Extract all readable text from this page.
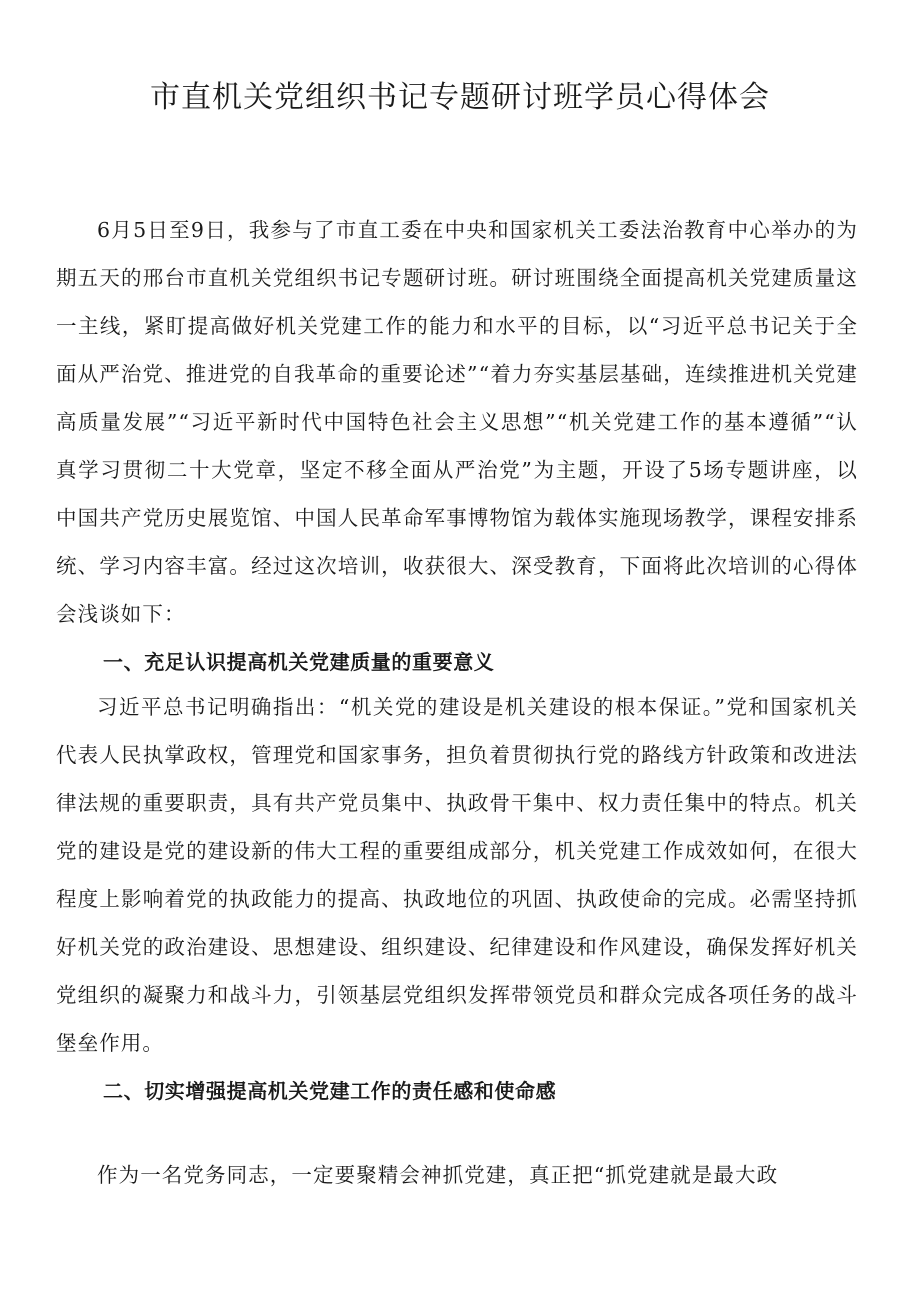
市直机关党组织书记专题研讨班学员心得体会

6月5日至9日，我参与了市直工委在中央和国家机关工委法治教育中心举办的为期五天的邢台市直机关党组织书记专题研讨班。研讨班围绕全面提高机关党建质量这一主线，紧盯提高做好机关党建工作的能力和水平的目标，以“习近平总书记关于全面从严治党、推进党的自我革命的重要论述”“着力夯实基层基础，连续推进机关党建高质量发展”“习近平新时代中国特色社会主义思想”“机关党建工作的基本遵循”“认真学习贯彻二十大党章，坚定不移全面从严治党”为主题，开设了5场专题讲座，以中国共产党历史展览馆、中国人民革命军事博物馆为载体实施现场教学，课程安排系统、学习内容丰富。经过这次培训，收获很大、深受教育，下面将此次培训的心得体会浅谈如下：

一、充足认识提高机关党建质量的重要意义

习近平总书记明确指出：“机关党的建设是机关建设的根本保证。”党和国家机关代表人民执掌政权，管理党和国家事务，担负着贯彻执行党的路线方针政策和改进法律法规的重要职责，具有共产党员集中、执政骨干集中、权力责任集中的特点。机关党的建设是党的建设新的伟大工程的重要组成部分，机关党建工作成效如何，在很大程度上影响着党的执政能力的提高、执政地位的巩固、执政使命的完成。必需坚持抓好机关党的政治建设、思想建设、组织建设、纪律建设和作风建设，确保发挥好机关党组织的凝聚力和战斗力，引领基层党组织发挥带领党员和群众完成各项任务的战斗堡垒作用。

二、切实增强提高机关党建工作的责任感和使命感

作为一名党务同志，一定要聚精会神抓党建，真正把“抓党建就是最大政
